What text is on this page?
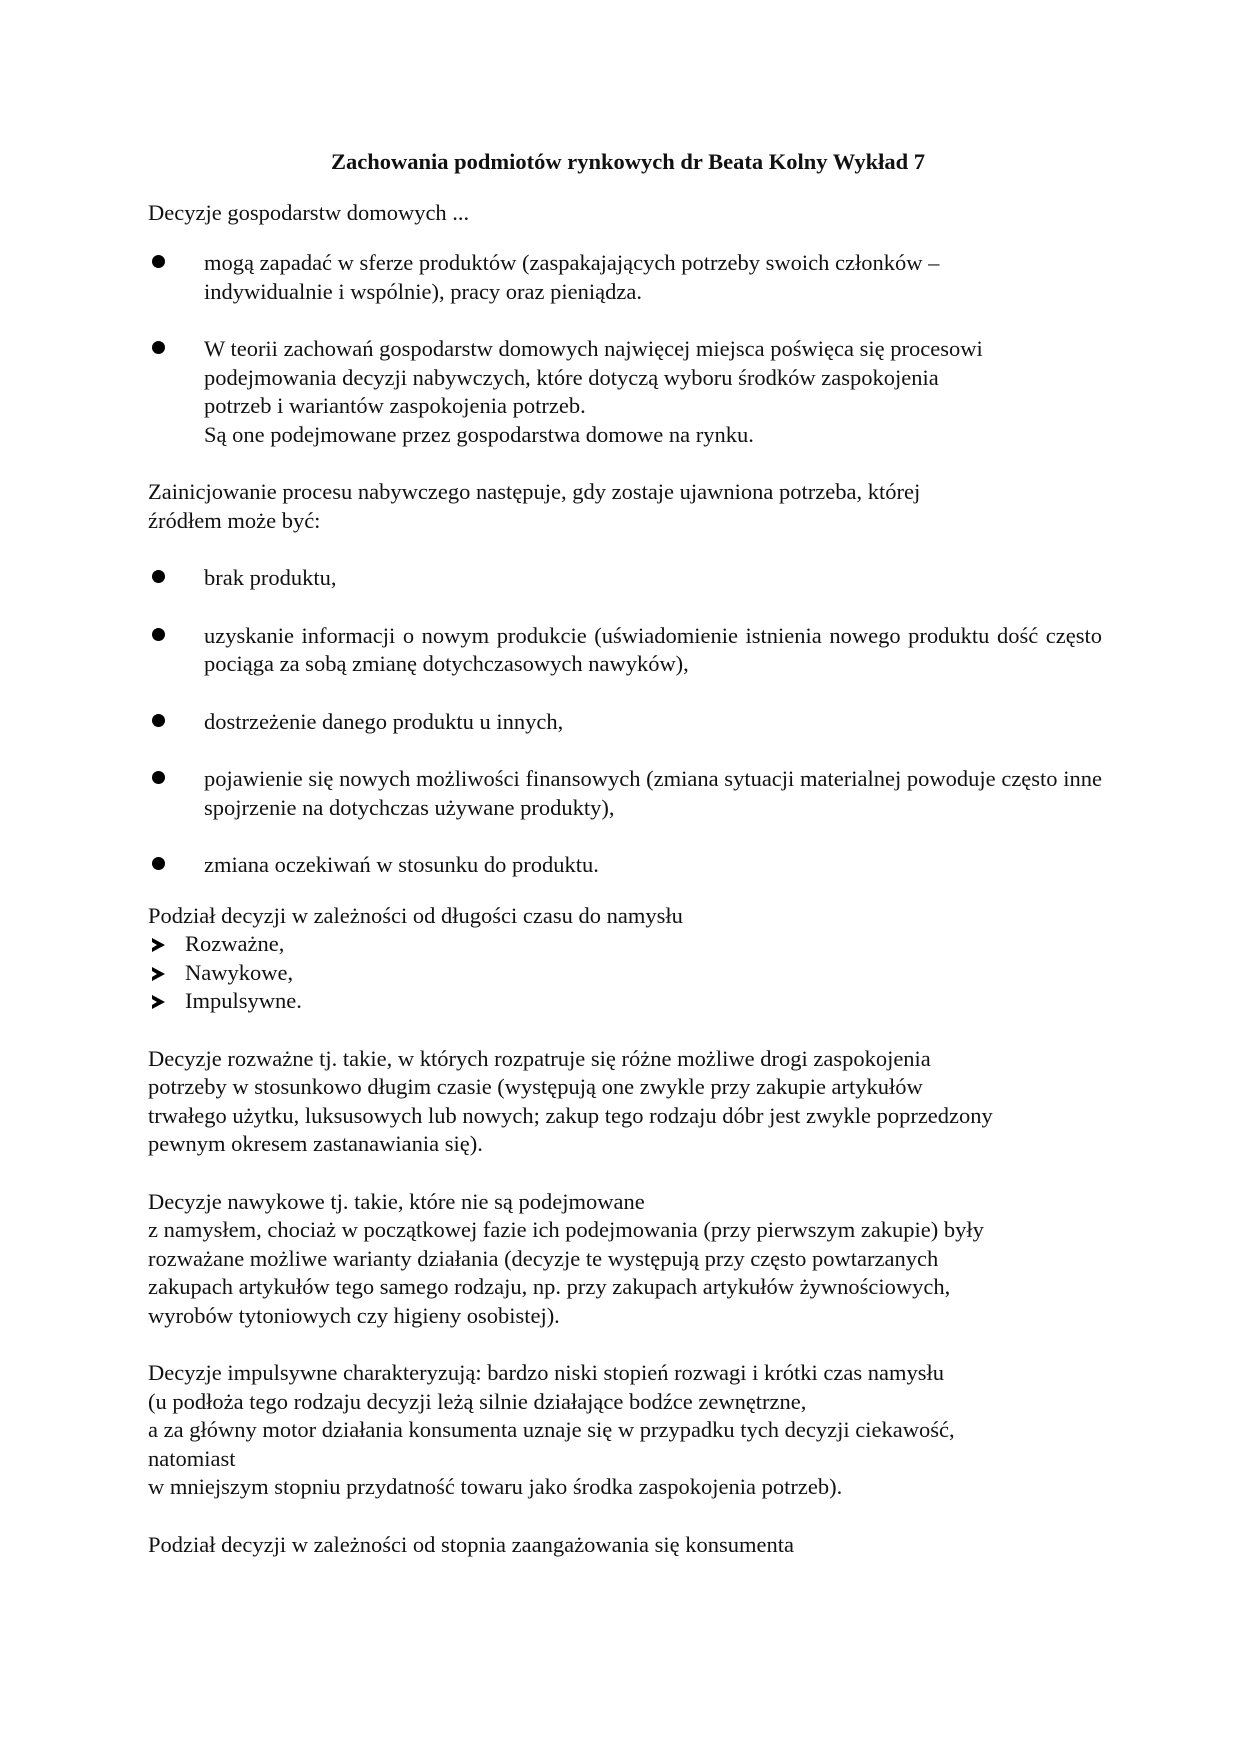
Zachowania podmiotów rynkowych dr Beata Kolny Wykład 7
Decyzje gospodarstw domowych ...
mogą zapadać w sferze produktów (zaspakajających potrzeby swoich członków –
indywidualnie i wspólnie), pracy oraz pieniądza.
W teorii zachowań gospodarstw domowych najwięcej miejsca poświęca się procesowi
podejmowania decyzji nabywczych, które dotyczą wyboru środków zaspokojenia
potrzeb i wariantów zaspokojenia potrzeb.
Są one podejmowane przez gospodarstwa domowe na rynku.
Zainicjowanie procesu nabywczego następuje, gdy zostaje ujawniona potrzeba, której
źródłem może być:
brak produktu,
uzyskanie informacji o nowym produkcie (uświadomienie istnienia nowego produktu dość często pociąga za sobą zmianę dotychczasowych nawyków),
dostrzeżenie danego produktu u innych,
pojawienie się nowych możliwości finansowych (zmiana sytuacji materialnej powoduje często inne spojrzenie na dotychczas używane produkty),
zmiana oczekiwań w stosunku do produktu.
Podział decyzji w zależności od długości czasu do namysłu
Rozważne,
Nawykowe,
Impulsywne.
Decyzje rozważne tj. takie, w których rozpatruje się różne możliwe drogi zaspokojenia
potrzeby w stosunkowo długim czasie (występują one zwykle przy zakupie artykułów
trwałego użytku, luksusowych lub nowych; zakup tego rodzaju dóbr jest zwykle poprzedzony
pewnym okresem zastanawiania się).
Decyzje nawykowe tj. takie, które nie są podejmowane
z namysłem, chociaż w początkowej fazie ich podejmowania (przy pierwszym zakupie) były
rozważane możliwe warianty działania (decyzje te występują przy często powtarzanych
zakupach artykułów tego samego rodzaju, np. przy zakupach artykułów żywnościowych,
wyrobów tytoniowych czy higieny osobistej).
Decyzje impulsywne charakteryzują: bardzo niski stopień rozwagi i krótki czas namysłu
(u podłoża tego rodzaju decyzji leżą silnie działające bodźce zewnętrzne,
a za główny motor działania konsumenta uznaje się w przypadku tych decyzji ciekawość,
natomiast
w mniejszym stopniu przydatność towaru jako środka zaspokojenia potrzeb).
Podział decyzji w zależności od stopnia zaangażowania się konsumenta
